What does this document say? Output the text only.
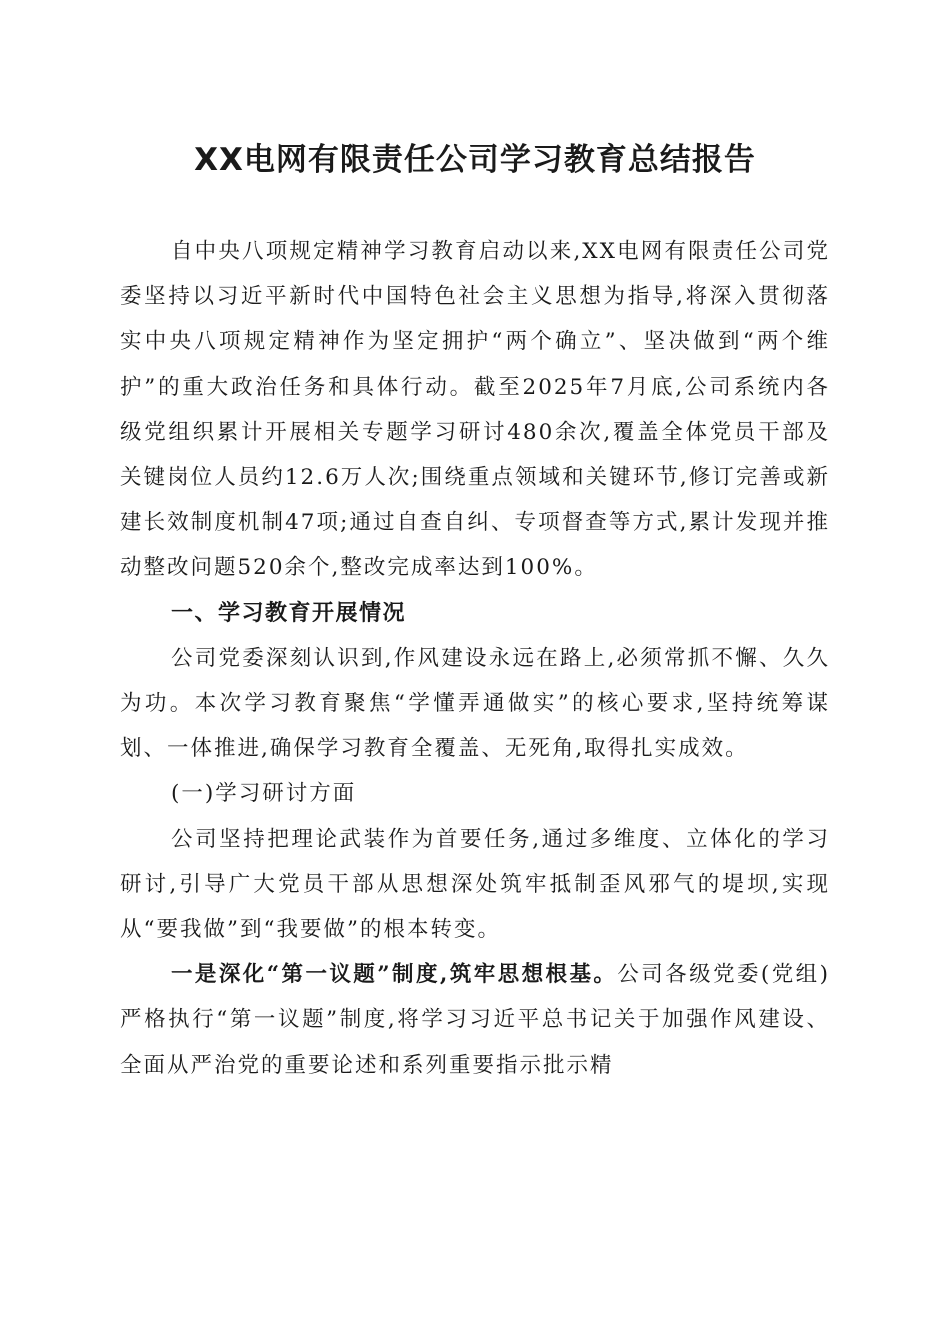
XX电网有限责任公司学习教育总结报告

自中央八项规定精神学习教育启动以来,XX电网有限责任公司党委坚持以习近平新时代中国特色社会主义思想为指导,将深入贯彻落实中央八项规定精神作为坚定拥护“两个确立”、坚决做到“两个维护”的重大政治任务和具体行动。截至2025年7月底,公司系统内各级党组织累计开展相关专题学习研讨480余次,覆盖全体党员干部及关键岗位人员约12.6万人次;围绕重点领域和关键环节,修订完善或新建长效制度机制47项;通过自查自纠、专项督查等方式,累计发现并推动整改问题520余个,整改完成率达到100%。

一、学习教育开展情况

公司党委深刻认识到,作风建设永远在路上,必须常抓不懈、久久为功。本次学习教育聚焦“学懂弄通做实”的核心要求,坚持统筹谋划、一体推进,确保学习教育全覆盖、无死角,取得扎实成效。

(一)学习研讨方面

公司坚持把理论武装作为首要任务,通过多维度、立体化的学习研讨,引导广大党员干部从思想深处筑牢抵制歪风邪气的堤坝,实现从“要我做”到“我要做”的根本转变。

一是深化“第一议题”制度,筑牢思想根基。公司各级党委(党组)严格执行“第一议题”制度,将学习习近平总书记关于加强作风建设、全面从严治党的重要论述和系列重要指示批示精
